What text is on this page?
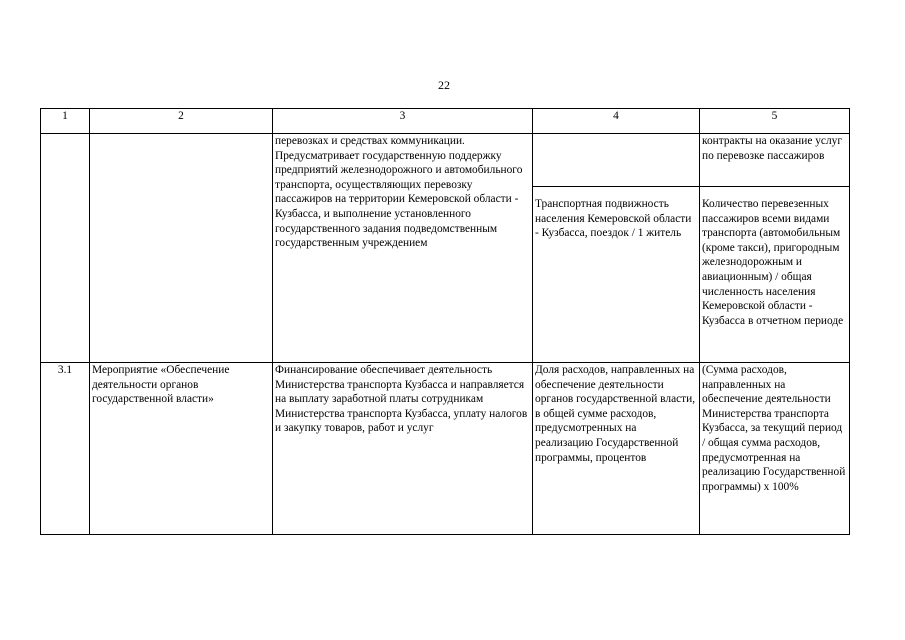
22
1	2	3	4	5

		перевозках и средствах коммуникации. Предусматривает государственную поддержку предприятий железнодорожного и автомобильного транспорта, осуществляющих перевозку пассажиров на территории Кемеровской области - Кузбасса, и выполнение установленного государственного задания подведомственным государственным учреждением		контракты на оказание услуг по перевозке пассажиров

			Транспортная подвижность населения Кемеровской области - Кузбасса, поездок / 1 житель	Количество перевезенных пассажиров всеми видами транспорта (автомобильным (кроме такси), пригородным железнодорожным и авиационным) / общая численность населения Кемеровской области - Кузбасса в отчетном периоде

3.1	Мероприятие «Обеспечение деятельности органов государственной власти»	Финансирование обеспечивает деятельность Министерства транспорта Кузбасса и направляется на выплату заработной платы сотрудникам Министерства транспорта Кузбасса, уплату налогов и закупку товаров, работ и услуг	Доля расходов, направленных на обеспечение деятельности органов государственной власти, в общей сумме расходов, предусмотренных на реализацию Государственной программы, процентов	(Сумма расходов, направленных на обеспечение деятельности Министерства транспорта Кузбасса, за текущий период / общая сумма расходов, предусмотренная на реализацию Государственной программы) x 100%
